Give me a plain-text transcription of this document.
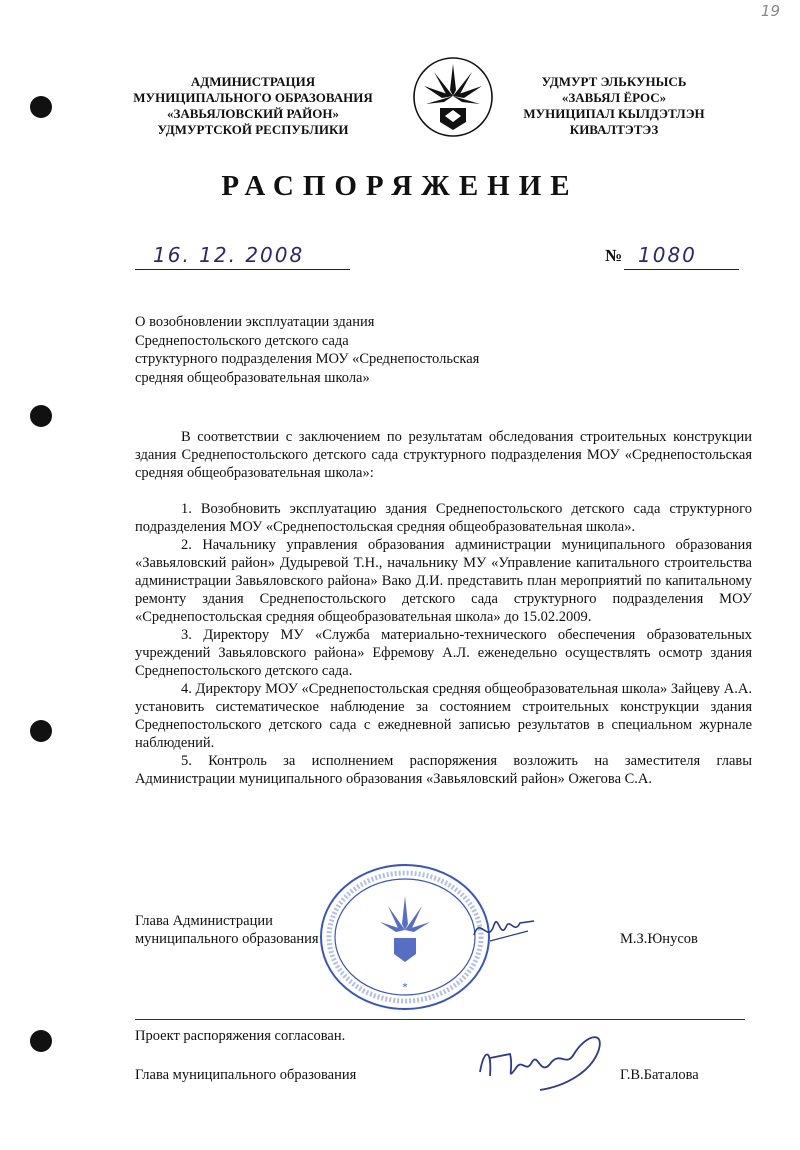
19
АДМИНИСТРАЦИЯ
МУНИЦИПАЛЬНОГО ОБРАЗОВАНИЯ
«ЗАВЬЯЛОВСКИЙ РАЙОН»
УДМУРТСКОЙ РЕСПУБЛИКИ
УДМУРТ ЭЛЬКУНЫСЬ
«ЗАВЬЯЛ ЁРОС»
МУНИЦИПАЛ КЫЛДЭТЛЭН
КИВАЛТЭТЭЗ
РАСПОРЯЖЕНИЕ
16. 12. 2008	№ 1080
О возобновлении эксплуатации здания
Среднепостольского детского сада
структурного подразделения МОУ «Среднепостольская
средняя общеобразовательная школа»
В соответствии с заключением по результатам обследования строительных конструкции здания Среднепостольского детского сада структурного подразделения МОУ «Среднепостольская средняя общеобразовательная школа»:
1. Возобновить эксплуатацию здания Среднепостольского детского сада структурного подразделения МОУ «Среднепостольская средняя общеобразовательная школа».
2. Начальнику управления образования администрации муниципального образования «Завьяловский район» Дудыревой Т.Н., начальнику МУ «Управление капитального строительства администрации Завьяловского района» Вако Д.И. представить план мероприятий по капитальному ремонту здания Среднепостольского детского сада структурного подразделения МОУ «Среднепостольская средняя общеобразовательная школа» до 15.02.2009.
3. Директору МУ «Служба материально-технического обеспечения образовательных учреждений Завьяловского района» Ефремову А.Л. еженедельно осуществлять осмотр здания Среднепостольского детского сада.
4. Директору МОУ «Среднепостольская средняя общеобразовательная школа» Зайцеву А.А. установить систематическое наблюдение за состоянием строительных конструкции здания Среднепостольского детского сада с ежедневной записью результатов в специальном журнале наблюдений.
5. Контроль за исполнением распоряжения возложить на заместителя главы Администрации муниципального образования «Завьяловский район» Ожегова С.А.
Глава Администрации
муниципального образования	М.З.Юнусов
*
Проект распоряжения согласован.
Глава муниципального образования	Г.В.Баталова
